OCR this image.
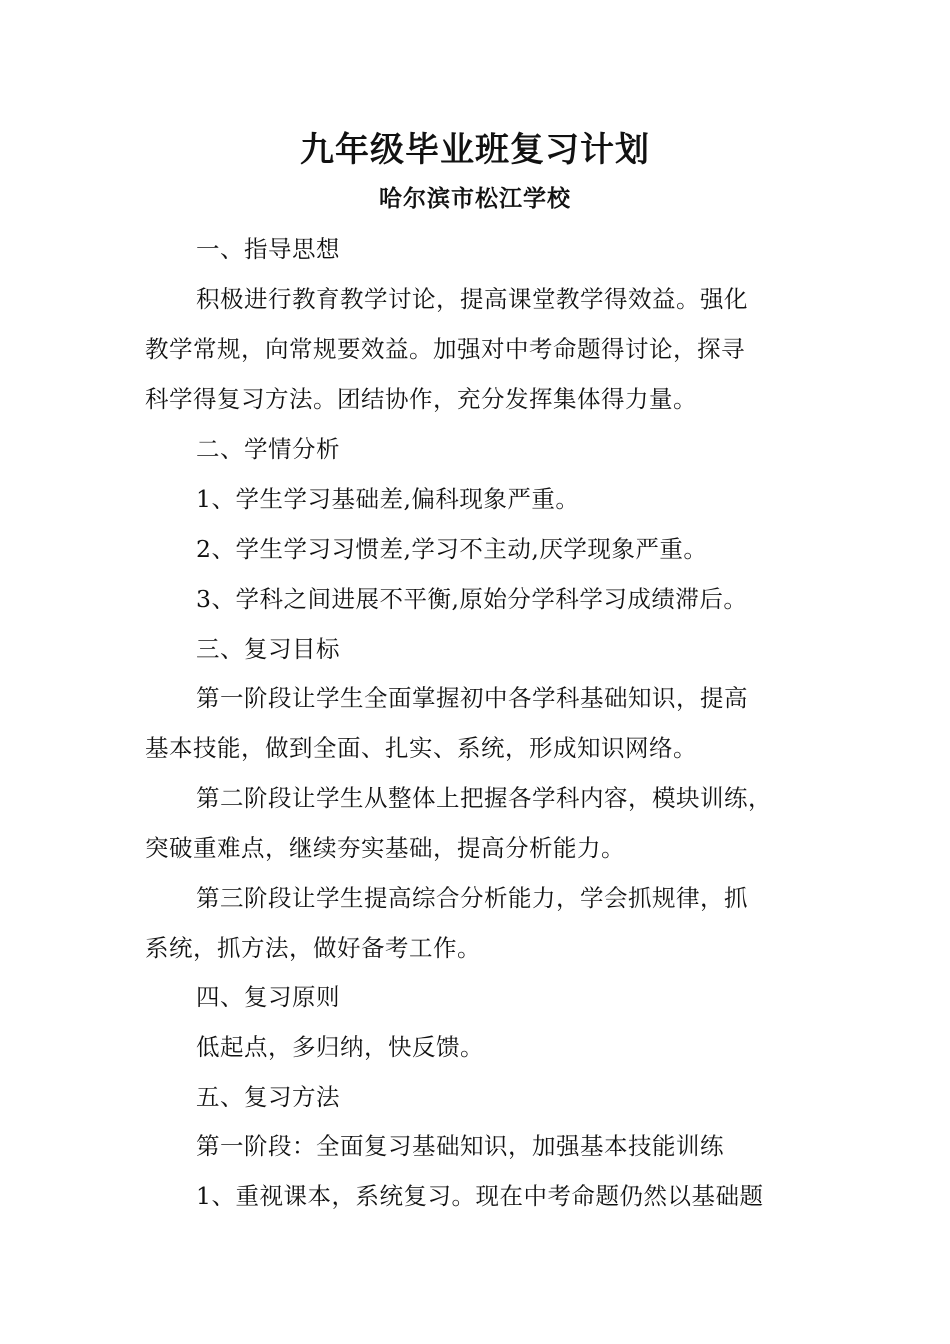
九年级毕业班复习计划
哈尔滨市松江学校
一、指导思想
积极进行教育教学讨论，提高课堂教学得效益。强化
教学常规，向常规要效益。加强对中考命题得讨论，探寻
科学得复习方法。团结协作，充分发挥集体得力量。
二、学情分析
1、学生学习基础差,偏科现象严重。
2、学生学习习惯差,学习不主动,厌学现象严重。
3、学科之间进展不平衡,原始分学科学习成绩滞后。
三、复习目标
第一阶段让学生全面掌握初中各学科基础知识，提高
基本技能，做到全面、扎实、系统，形成知识网络。
第二阶段让学生从整体上把握各学科内容，模块训练，
突破重难点，继续夯实基础，提高分析能力。
第三阶段让学生提高综合分析能力，学会抓规律，抓
系统，抓方法，做好备考工作。
四、复习原则
低起点，多归纳，快反馈。
五、复习方法
第一阶段：全面复习基础知识，加强基本技能训练
1、重视课本，系统复习。现在中考命题仍然以基础题
